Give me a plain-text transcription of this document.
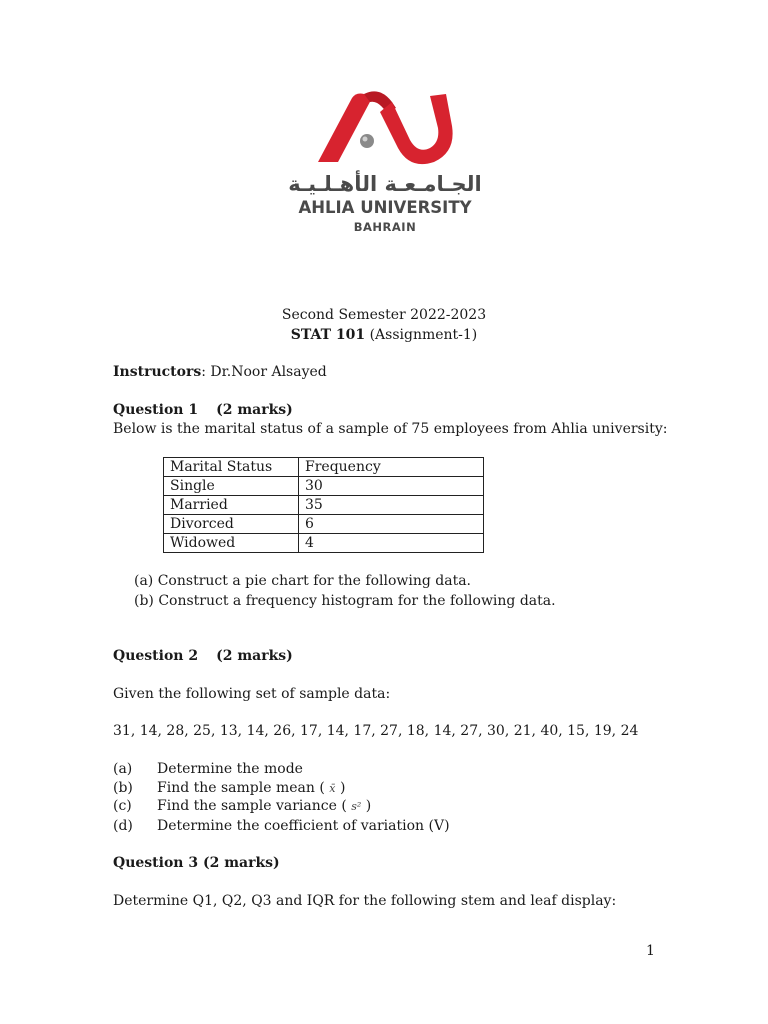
الجـامـعـة الأهـلـيـة
AHLIA UNIVERSITY
BAHRAIN
Second Semester 2022-2023
STAT 101 (Assignment-1)
Instructors: Dr.Noor Alsayed
Question 1 (2 marks)
Below is the marital status of a sample of 75 employees from Ahlia university:
Marital Status	Frequency
Single	30
Married	35
Divorced	6
Widowed	4
(a) Construct a pie chart for the following data.
(b) Construct a frequency histogram for the following data.
Question 2 (2 marks)
Given the following set of sample data:
31, 14, 28, 25, 13, 14, 26, 17, 14, 17, 27, 18, 14, 27, 30, 21, 40, 15, 19, 24
(a) Determine the mode
(b) Find the sample mean ( x̄ )
(c) Find the sample variance ( s² )
(d) Determine the coefficient of variation (V)
Question 3 (2 marks)
Determine Q1, Q2, Q3 and IQR for the following stem and leaf display:
1
